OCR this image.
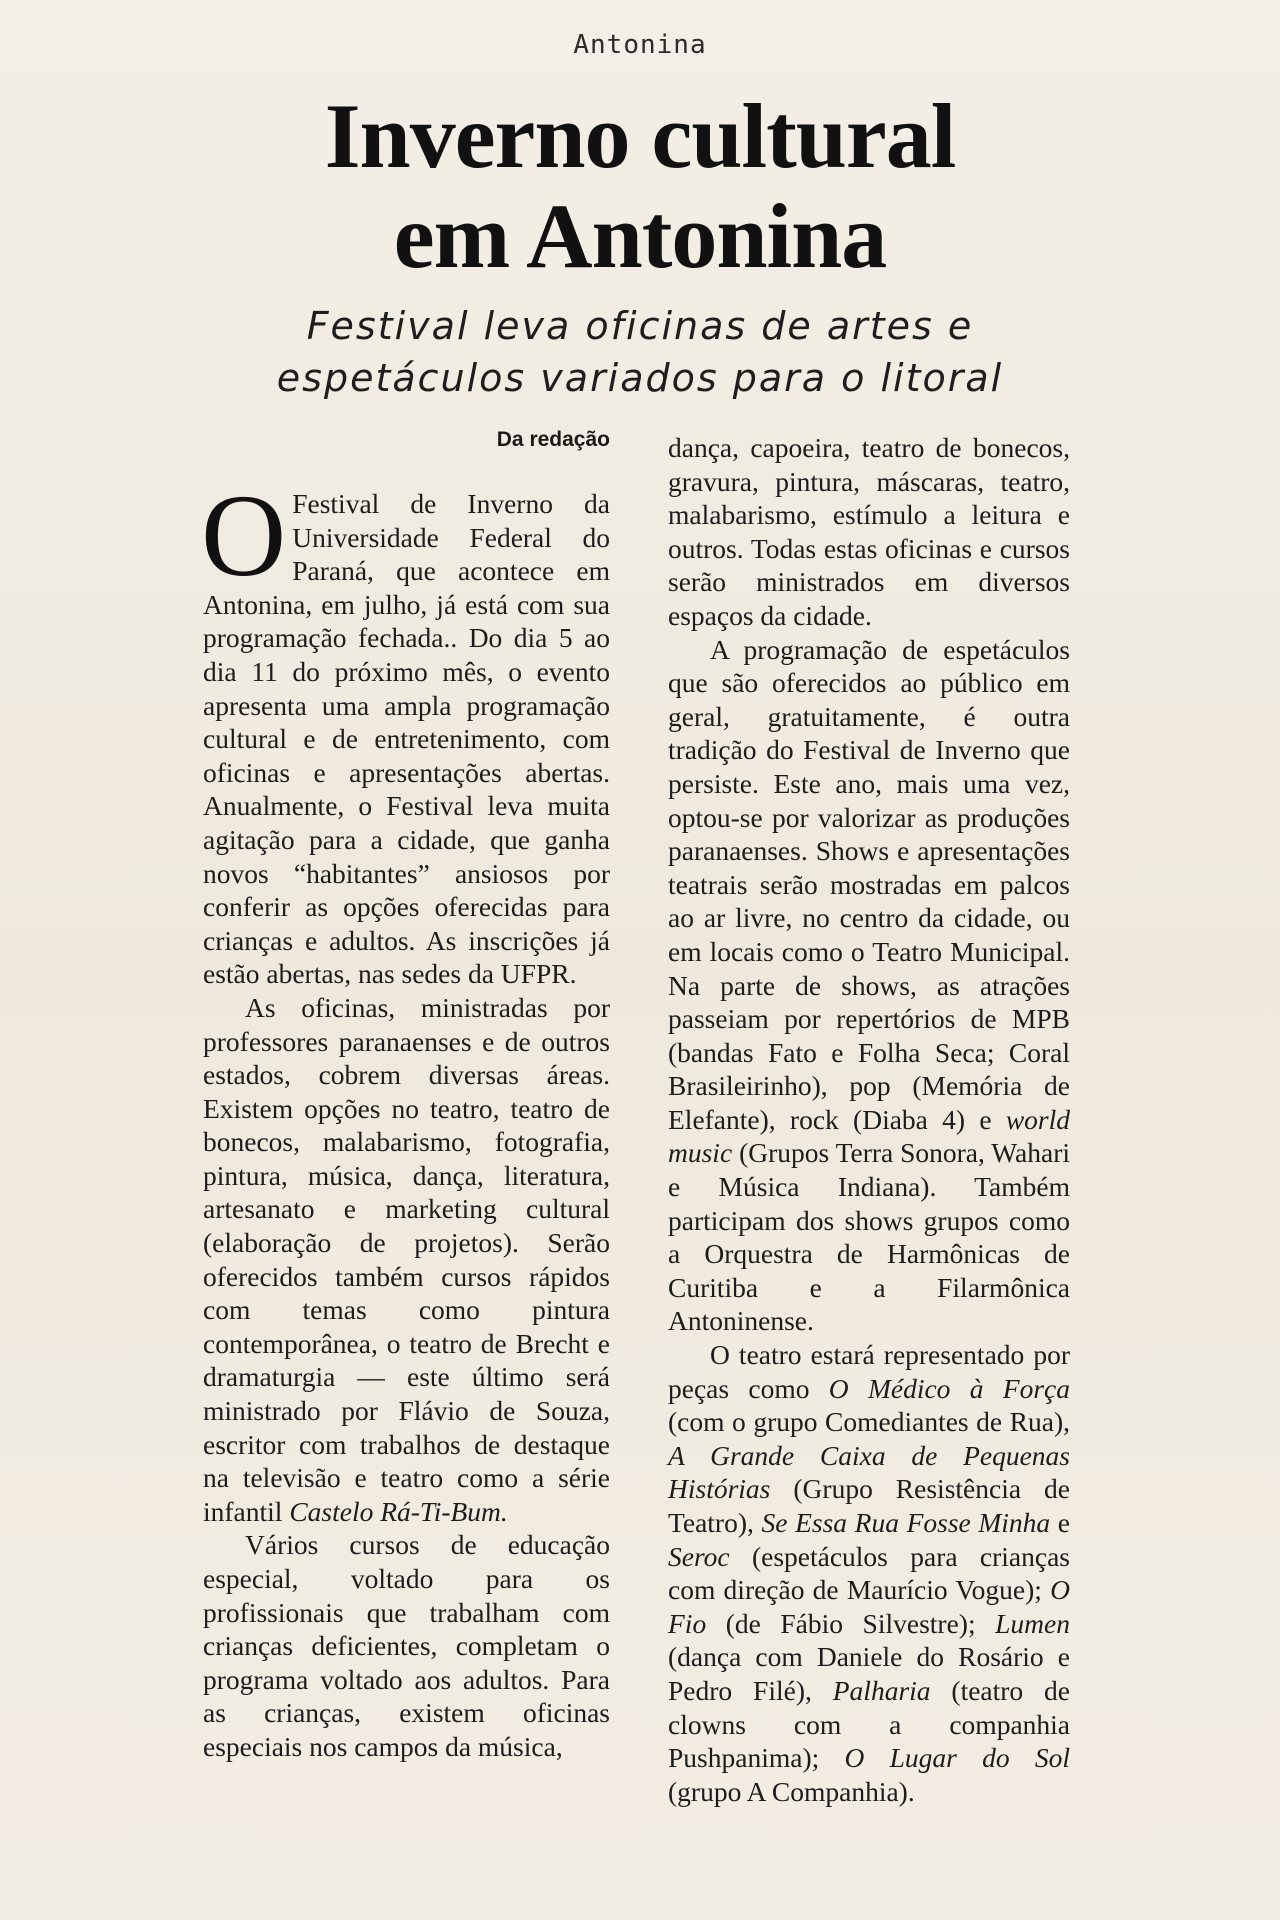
Antonina
Inverno cultural
em Antonina
Festival leva oficinas de artes e
espetáculos variados para o litoral
Da redação

O Festival de Inverno da Universidade Federal do Paraná, que acontece em Antonina, em julho, já está com sua programação fechada.. Do dia 5 ao dia 11 do próximo mês, o evento apresenta uma ampla programação cultural e de entretenimento, com oficinas e apresentações abertas. Anualmente, o Festival leva muita agitação para a cidade, que ganha novos “habitantes” ansiosos por conferir as opções oferecidas para crianças e adultos. As inscrições já estão abertas, nas sedes da UFPR.

As oficinas, ministradas por professores paranaenses e de outros estados, cobrem diversas áreas. Existem opções no teatro, teatro de bonecos, malabarismo, fotografia, pintura, música, dança, literatura, artesanato e marketing cultural (elaboração de projetos). Serão oferecidos também cursos rápidos com temas como pintura contemporânea, o teatro de Brecht e dramaturgia — este último será ministrado por Flávio de Souza, escritor com trabalhos de destaque na televisão e teatro como a série infantil Castelo Rá-Ti-Bum.

Vários cursos de educação especial, voltado para os profissionais que trabalham com crianças deficientes, completam o programa voltado aos adultos. Para as crianças, existem oficinas especiais nos campos da música,

dança, capoeira, teatro de bonecos, gravura, pintura, máscaras, teatro, malabarismo, estímulo a leitura e outros. Todas estas oficinas e cursos serão ministrados em diversos espaços da cidade.

A programação de espetáculos que são oferecidos ao público em geral, gratuitamente, é outra tradição do Festival de Inverno que persiste. Este ano, mais uma vez, optou-se por valorizar as produções paranaenses. Shows e apresentações teatrais serão mostradas em palcos ao ar livre, no centro da cidade, ou em locais como o Teatro Municipal. Na parte de shows, as atrações passeiam por repertórios de MPB (bandas Fato e Folha Seca; Coral Brasileirinho), pop (Memória de Elefante), rock (Diaba 4) e world music (Grupos Terra Sonora, Wahari e Música Indiana). Também participam dos shows grupos como a Orquestra de Harmônicas de Curitiba e a Filarmônica Antoninense.

O teatro estará representado por peças como O Médico à Força (com o grupo Comediantes de Rua), A Grande Caixa de Pequenas Histórias (Grupo Resistência de Teatro), Se Essa Rua Fosse Minha e Seroc (espetáculos para crianças com direção de Maurício Vogue); O Fio (de Fábio Silvestre); Lumen (dança com Daniele do Rosário e Pedro Filé), Palharia (teatro de clowns com a companhia Pushpanima); O Lugar do Sol (grupo A Companhia).
